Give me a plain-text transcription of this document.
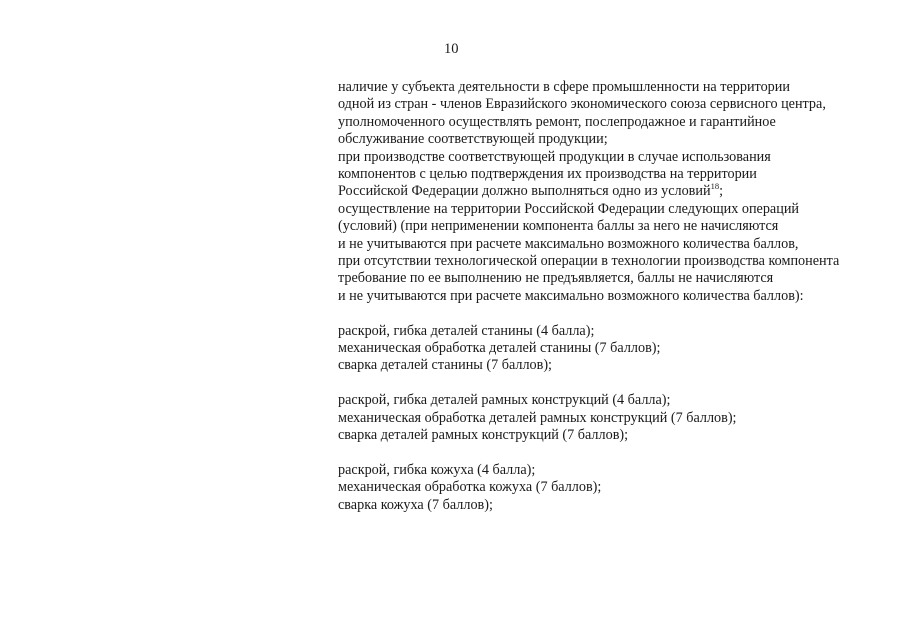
10
наличие у субъекта деятельности в сфере промышленности на территории
одной из стран - членов Евразийского экономического союза сервисного центра,
уполномоченного осуществлять ремонт, послепродажное и гарантийное
обслуживание соответствующей продукции;
при производстве соответствующей продукции в случае использования
компонентов с целью подтверждения их производства на территории
Российской Федерации должно выполняться одно из условий$^{18}$;
осуществление на территории Российской Федерации следующих операций
(условий) (при неприменении компонента баллы за него не начисляются
и не учитываются при расчете максимально возможного количества баллов,
при отсутствии технологической операции в технологии производства компонента
требование по ее выполнению не предъявляется, баллы не начисляются
и не учитываются при расчете максимально возможного количества баллов):
раскрой, гибка деталей станины (4 балла);
механическая обработка деталей станины (7 баллов);
сварка деталей станины (7 баллов);
раскрой, гибка деталей рамных конструкций (4 балла);
механическая обработка деталей рамных конструкций (7 баллов);
сварка деталей рамных конструкций (7 баллов);
раскрой, гибка кожуха (4 балла);
механическая обработка кожуха (7 баллов);
сварка кожуха (7 баллов);
